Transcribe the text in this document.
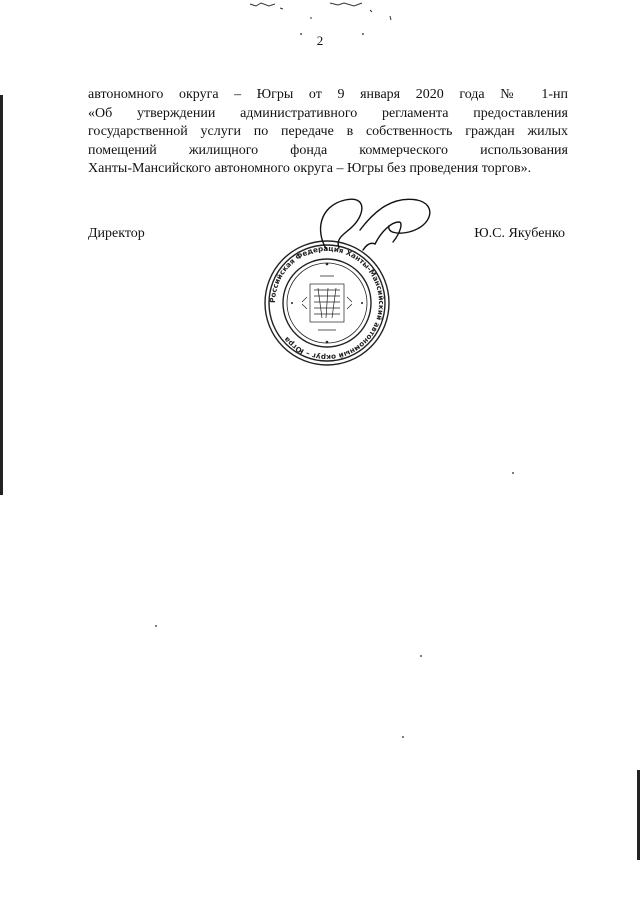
2
автономного округа – Югры от 9 января 2020 года № 1-нп
«Об утверждении административного регламента предоставления
государственной услуги по передаче в собственность граждан жилых
помещений жилищного фонда коммерческого использования
Ханты-Мансийского автономного округа – Югры без проведения торгов».
Директор	Ю.С. Якубенко
Российская Федерация Ханты-Мансийский автономный округ – Югра
